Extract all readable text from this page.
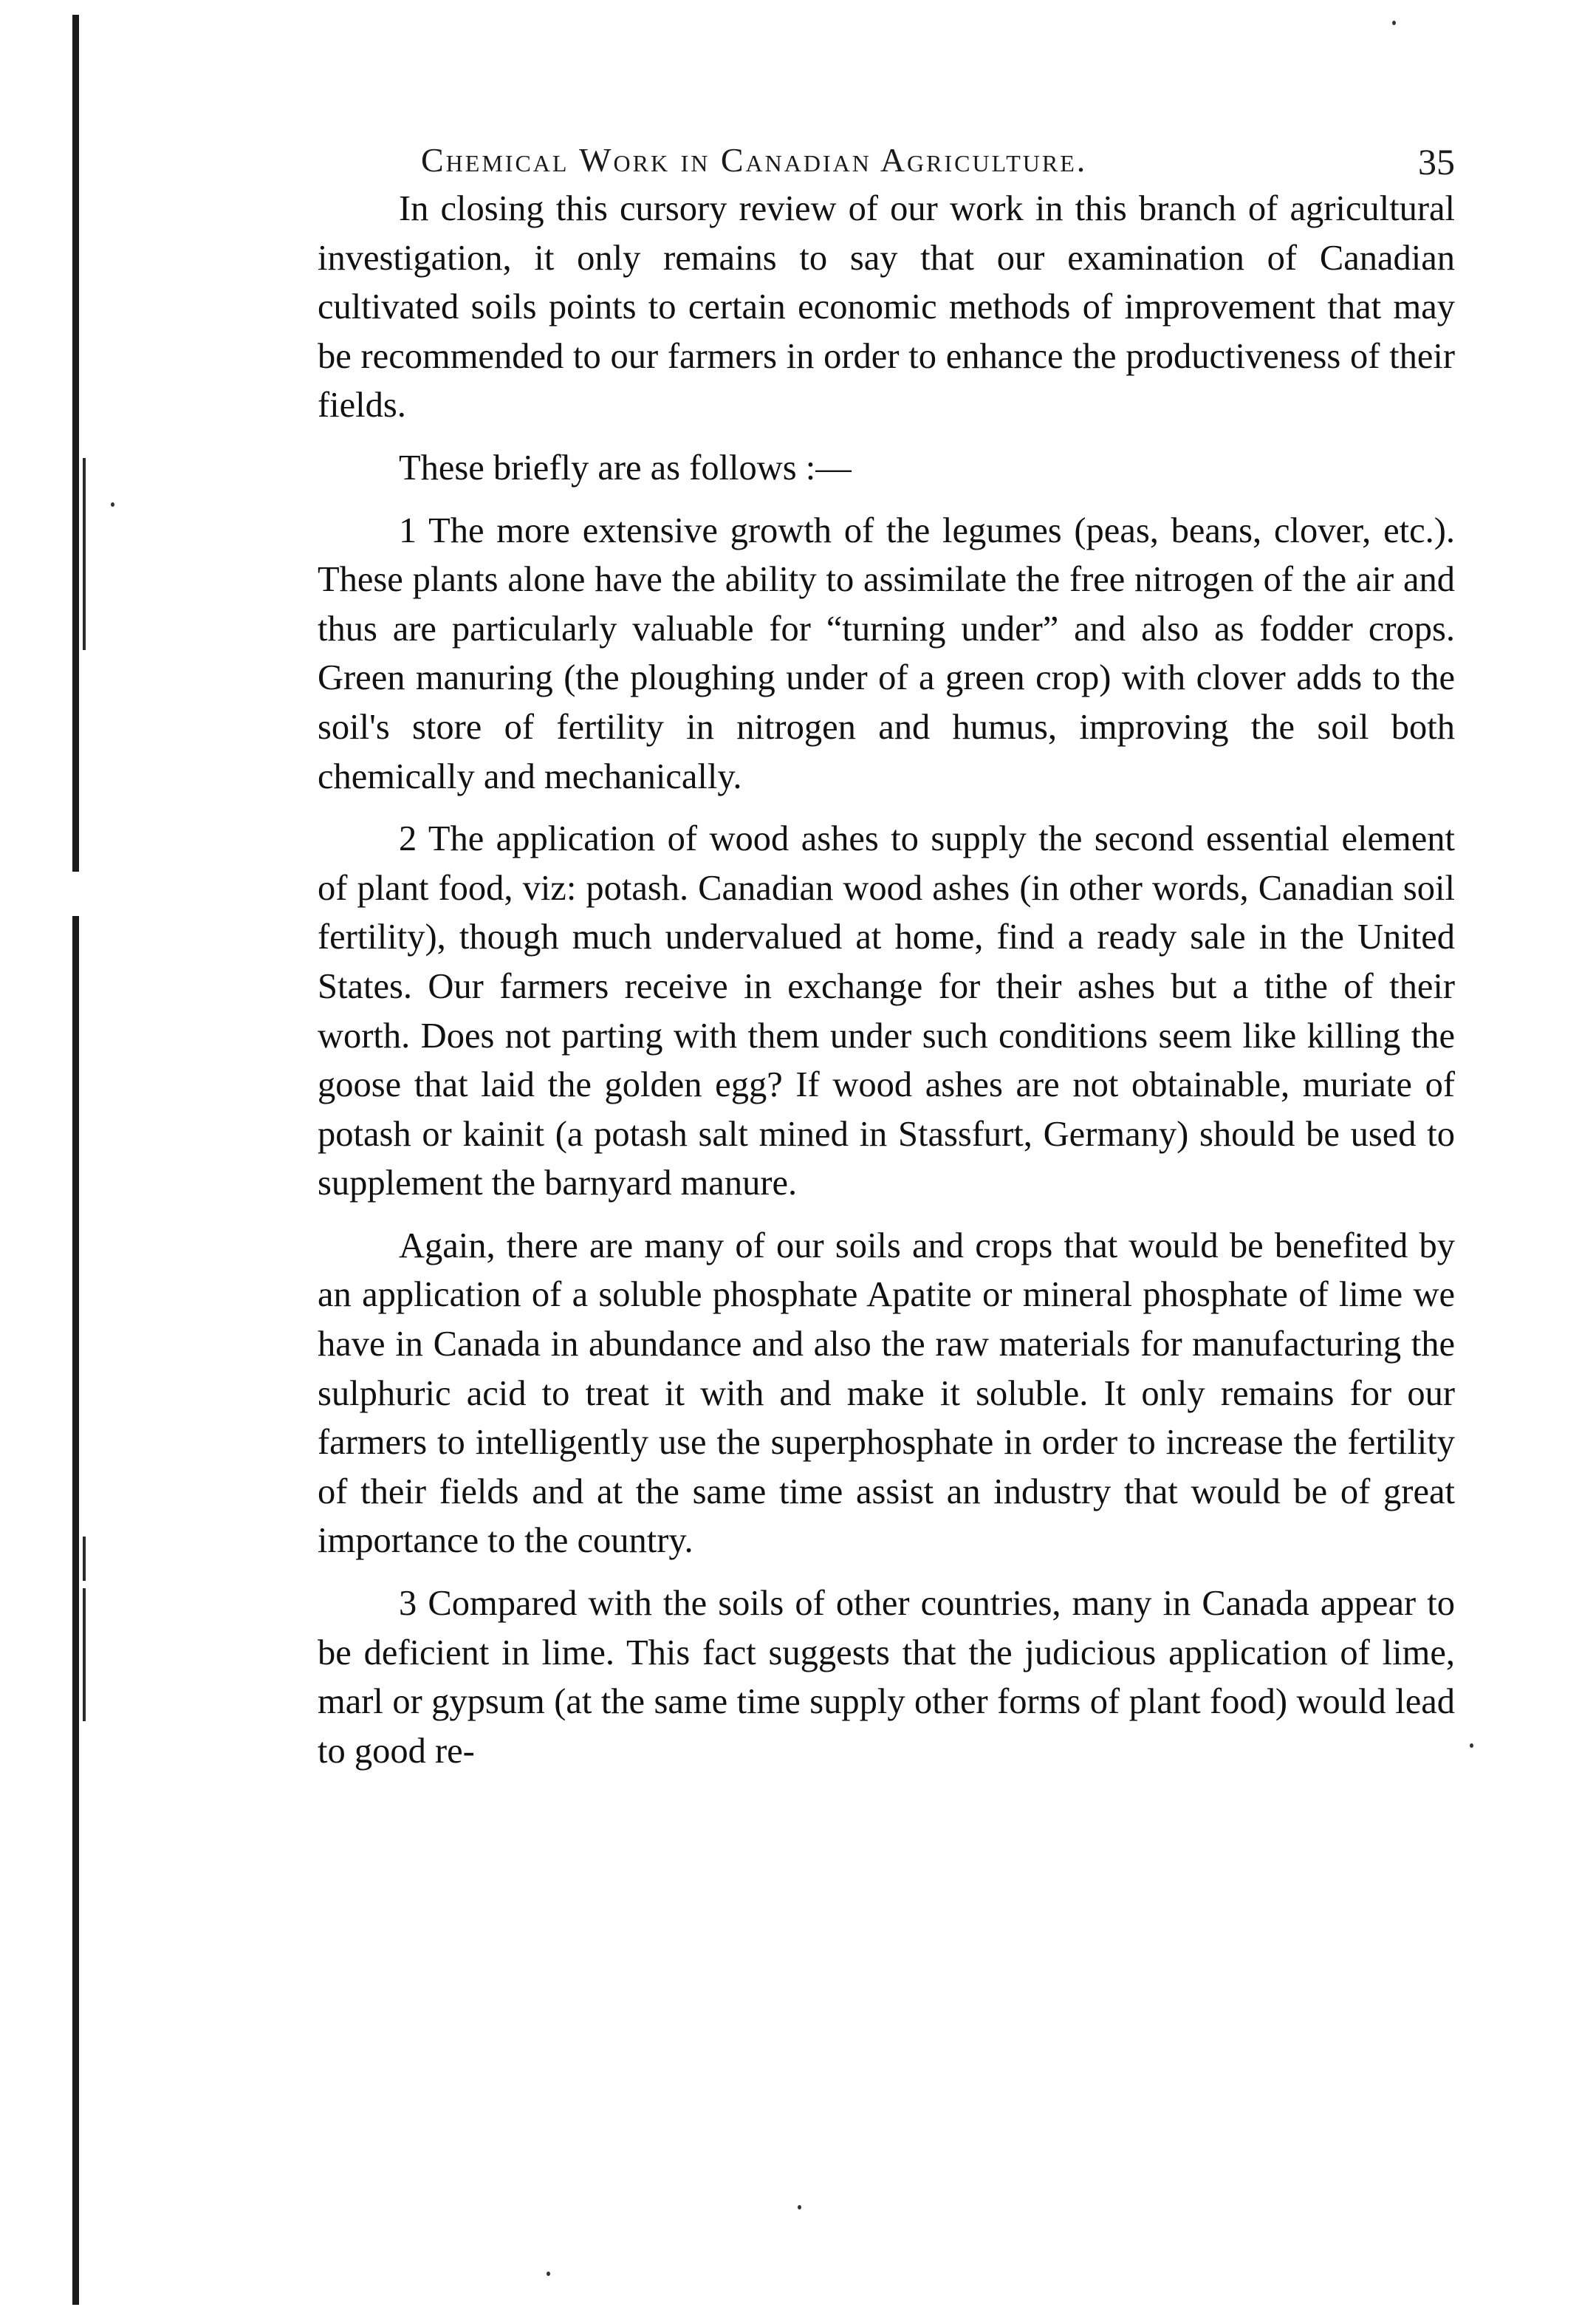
Chemical Work in Canadian Agriculture.	35

In closing this cursory review of our work in this branch of agricultural investigation, it only remains to say that our examination of Canadian cultivated soils points to certain economic methods of improvement that may be recommended to our farmers in order to enhance the productiveness of their fields.

These briefly are as follows :—

1 The more extensive growth of the legumes (peas, beans, clover, etc.). These plants alone have the ability to assimilate the free nitrogen of the air and thus are particularly valuable for “turning under” and also as fodder crops. Green manuring (the ploughing under of a green crop) with clover adds to the soil's store of fertility in nitrogen and humus, improving the soil both chemically and mechanically.

2 The application of wood ashes to supply the second essential element of plant food, viz: potash. Canadian wood ashes (in other words, Canadian soil fertility), though much undervalued at home, find a ready sale in the United States. Our farmers receive in exchange for their ashes but a tithe of their worth. Does not parting with them under such conditions seem like killing the goose that laid the golden egg? If wood ashes are not obtainable, muriate of potash or kainit (a potash salt mined in Stassfurt, Germany) should be used to supplement the barnyard manure.

Again, there are many of our soils and crops that would be benefited by an application of a soluble phosphate Apatite or mineral phosphate of lime we have in Canada in abundance and also the raw materials for manufacturing the sulphuric acid to treat it with and make it soluble. It only remains for our farmers to intelligently use the superphosphate in order to increase the fertility of their fields and at the same time assist an industry that would be of great importance to the country.

3 Compared with the soils of other countries, many in Canada appear to be deficient in lime. This fact suggests that the judicious application of lime, marl or gypsum (at the same time supply other forms of plant food) would lead to good re-
